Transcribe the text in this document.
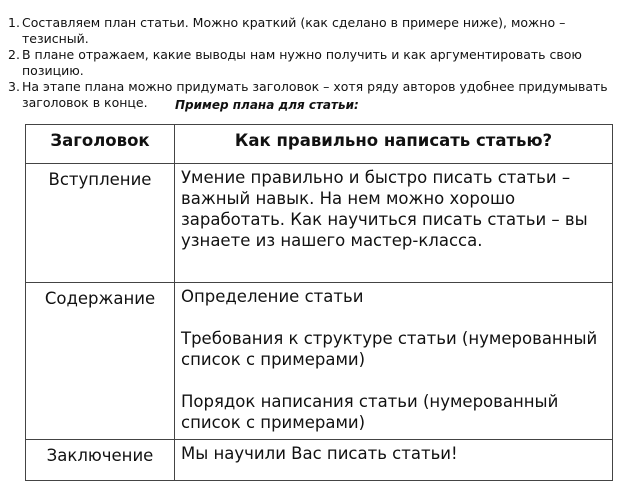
1. Составляем план статьи. Можно краткий (как сделано в примере ниже), можно – тезисный.
2. В плане отражаем, какие выводы нам нужно получить и как аргументировать свою позицию.
3. На этапе плана можно придумать заголовок – хотя ряду авторов удобнее придумывать заголовок в конце.	Пример плана для статьи:
Заголовок	Как правильно написать статью?
Вступление	Умение правильно и быстро писать статьи – важный навык. На нем можно хорошо заработать. Как научиться писать статьи – вы узнаете из нашего мастер-класса.
Содержание	Определение статьи

Требования к структуре статьи (нумерованный список с примерами)

Порядок написания статьи (нумерованный список с примерами)

Заключение	Мы научили Вас писать статьи!
